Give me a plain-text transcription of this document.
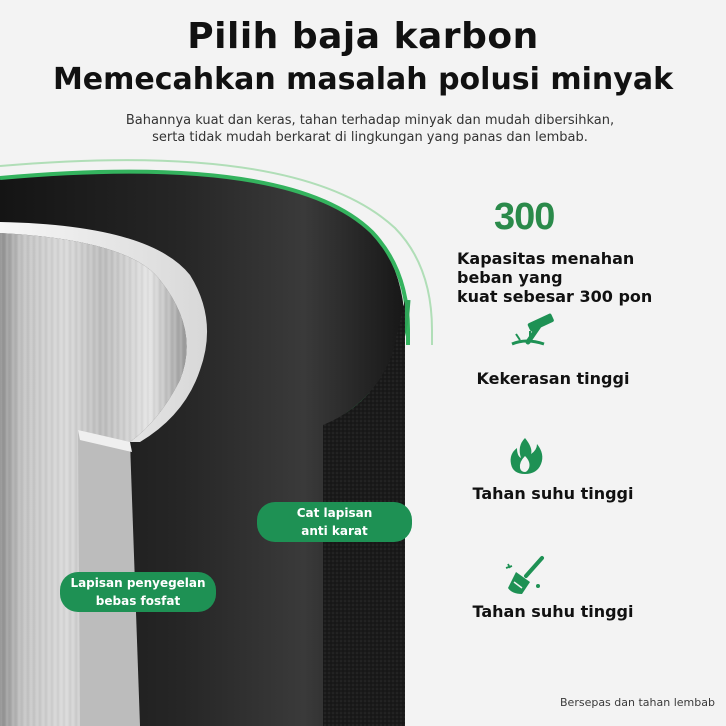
Pilih baja karbon
Memecahkan masalah polusi minyak
Bahannya kuat dan keras, tahan terhadap minyak dan mudah dibersihkan,
serta tidak mudah berkarat di lingkungan yang panas dan lembab.
300
Kapasitas menahan
beban yang
kuat sebesar 300 pon
Kekerasan tinggi
Tahan suhu tinggi
Tahan suhu tinggi
Cat lapisan
anti karat
Lapisan penyegelan
bebas fosfat
Bersepas dan tahan lembab
